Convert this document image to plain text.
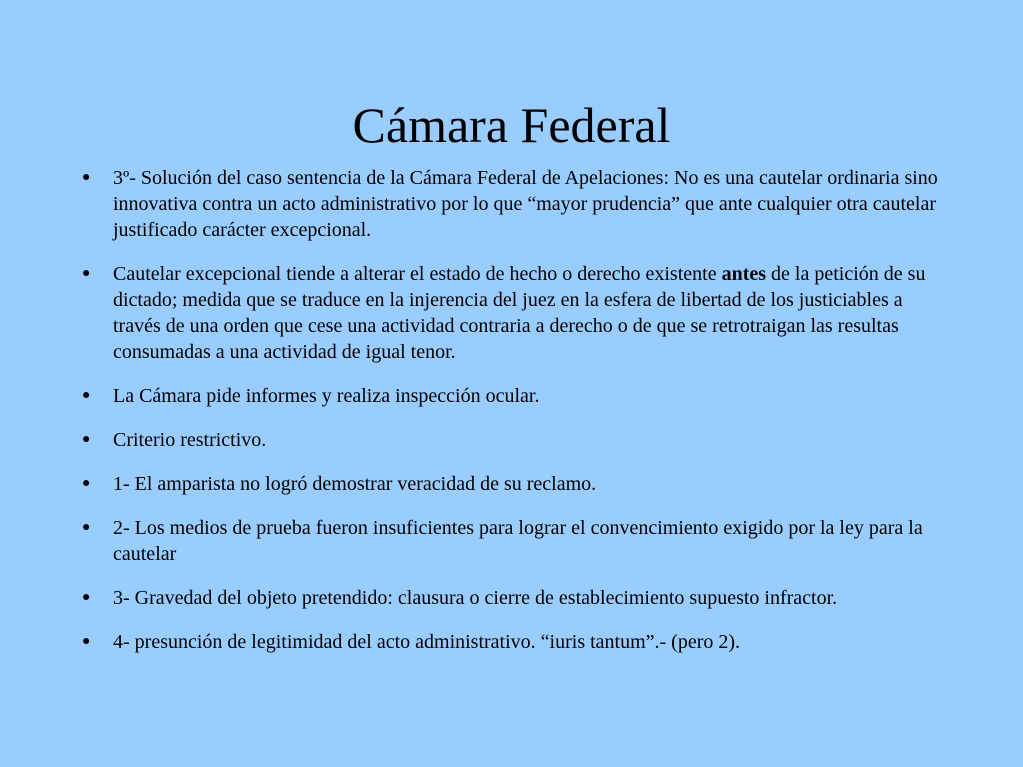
Cámara Federal
● 3º- Solución del caso sentencia de la Cámara Federal de Apelaciones: No es una cautelar ordinaria sino innovativa contra un acto administrativo por lo que “mayor prudencia” que ante cualquier otra cautelar justificado carácter excepcional.
● Cautelar excepcional tiende a alterar el estado de hecho o derecho existente antes de la petición de su dictado; medida que se traduce en la injerencia del juez en la esfera de libertad de los justiciables a través de una orden que cese una actividad contraria a derecho o de que se retrotraigan las resultas consumadas a una actividad de igual tenor.
● La Cámara pide informes y realiza inspección ocular.
● Criterio restrictivo.
● 1- El amparista no logró demostrar veracidad de su reclamo.
● 2- Los medios de prueba fueron insuficientes para lograr el convencimiento exigido por la ley para la cautelar
● 3- Gravedad del objeto pretendido: clausura o cierre de establecimiento supuesto infractor.
● 4- presunción de legitimidad del acto administrativo. “iuris tantum”.- (pero 2).
